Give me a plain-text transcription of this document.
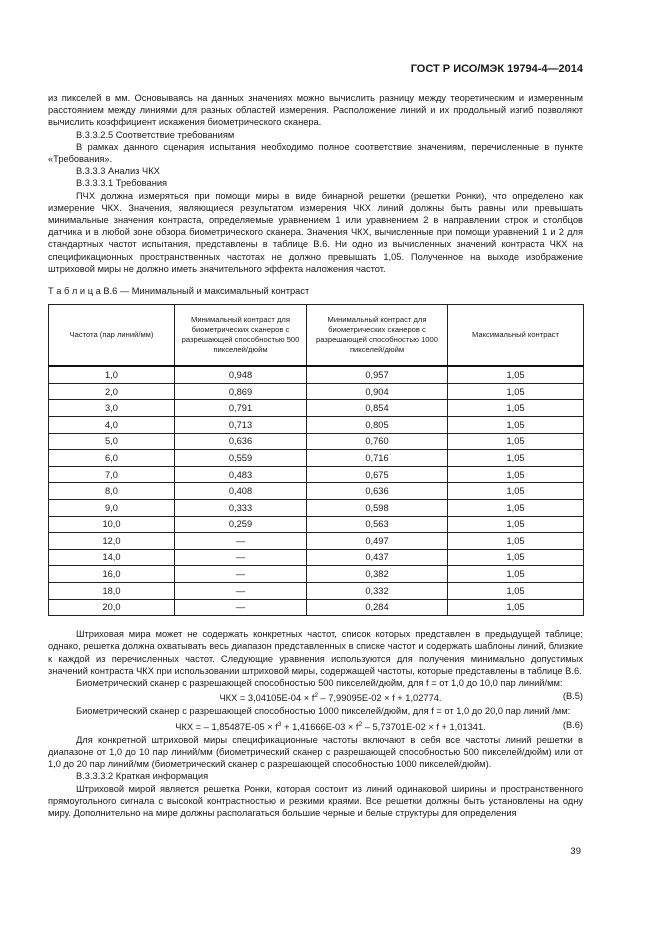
ГОСТ Р ИСО/МЭК 19794-4—2014

из пикселей в мм. Основываясь на данных значениях можно вычислить разницу между теоретическим и измеренным расстоянием между линиями для разных областей измерения. Расположение линий и их продольный изгиб позволяют вычислить коэффициент искажения биометрического сканера.

В.3.3.2.5 Соответствие требованиям

В рамках данного сценария испытания необходимо полное соответствие значениям, перечисленные в пункте «Требования».

В.3.3.3 Анализ ЧКХ

В.3.3.3.1 Требования

ПЧХ должна измеряться при помощи миры в виде бинарной решетки (решетки Ронки), что определено как измерение ЧКХ. Значения, являющиеся результатом измерения ЧКХ линий должны быть равны или превышать минимальные значения контраста, определяемые уравнением 1 или уравнением 2 в направлении строк и столбцов датчика и в любой зоне обзора биометрического сканера. Значения ЧКХ, вычисленные при помощи уравнений 1 и 2 для стандартных частот испытания, представлены в таблице В.6. Ни одно из вычисленных значений контраста ЧКХ на спецификационных пространственных частотах не должно превышать 1,05. Полученное на выходе изображение штриховой миры не должно иметь значительного эффекта наложения частот.

Т а б л и ц а В.6 — Минимальный и максимальный контраст

Частота (пар линий/мм)	Минимальный контраст для биометрических сканеров с разрешающей способностью 500 пикселей/дюйм	Минимальный контраст для биометрических сканеров с разрешающей способностью 1000 пикселей/дюйм	Максимальный контраст
1,0	0,948	0,957	1,05
2,0	0,869	0,904	1,05
3,0	0,791	0,854	1,05
4,0	0,713	0,805	1,05
5,0	0,636	0,760	1,05
6,0	0,559	0,716	1,05
7,0	0,483	0,675	1,05
8,0	0,408	0,636	1,05
9,0	0,333	0,598	1,05
10,0	0,259	0,563	1,05
12,0	—	0,497	1,05
14,0	—	0,437	1,05
16,0	—	0,382	1,05
18,0	—	0,332	1,05
20,0	—	0,284	1,05

Штриховая мира может не содержать конкретных частот, список которых представлен в предыдущей таблице; однако, решетка должна охватывать весь диапазон представленных в списке частот и содержать шаблоны линий, близкие к каждой из перечисленных частот. Следующие уравнения используются для получения минимально допустимых значений контраста ЧКХ при использовании штриховой миры, содержащей частоты, которые представлены в таблице В.6.

Биометрический сканер с разрешающей способностью 500 пикселей/дюйм, для f = от 1,0 до 10,0 пар линий/мм:

ЧКХ = $3,04105E-04 \times f^2 - 7,99095E-02 \times f + 1,02774$.	(В.5)

Биометрический сканер с разрешающей способностью 1000 пикселей/дюйм, для f = от 1,0 до 20,0 пар линий /мм:

ЧКХ = – $1,85487E-05 \times f^3 + 1,41666E-03 \times f^2 - 5,73701E-02 \times f + 1,01341$.	(В.6)

Для конкретной штриховой миры спецификационные частоты включают в себя все частоты линий решетки в диапазоне от 1,0 до 10 пар линий/мм (биометрический сканер с разрешающей способностью 500 пикселей/дюйм) или от 1,0 до 20 пар линий/мм (биометрический сканер с разрешающей способностью 1000 пикселей/дюйм).

В.3.3.3.2 Краткая информация

Штриховой мирой является решетка Ронки, которая состоит из линий одинаковой ширины и пространственного прямоугольного сигнала с высокой контрастностью и резкими краями. Все решетки должны быть установлены на одну миру. Дополнительно на мире должны располагаться большие черные и белые структуры для определения

39
